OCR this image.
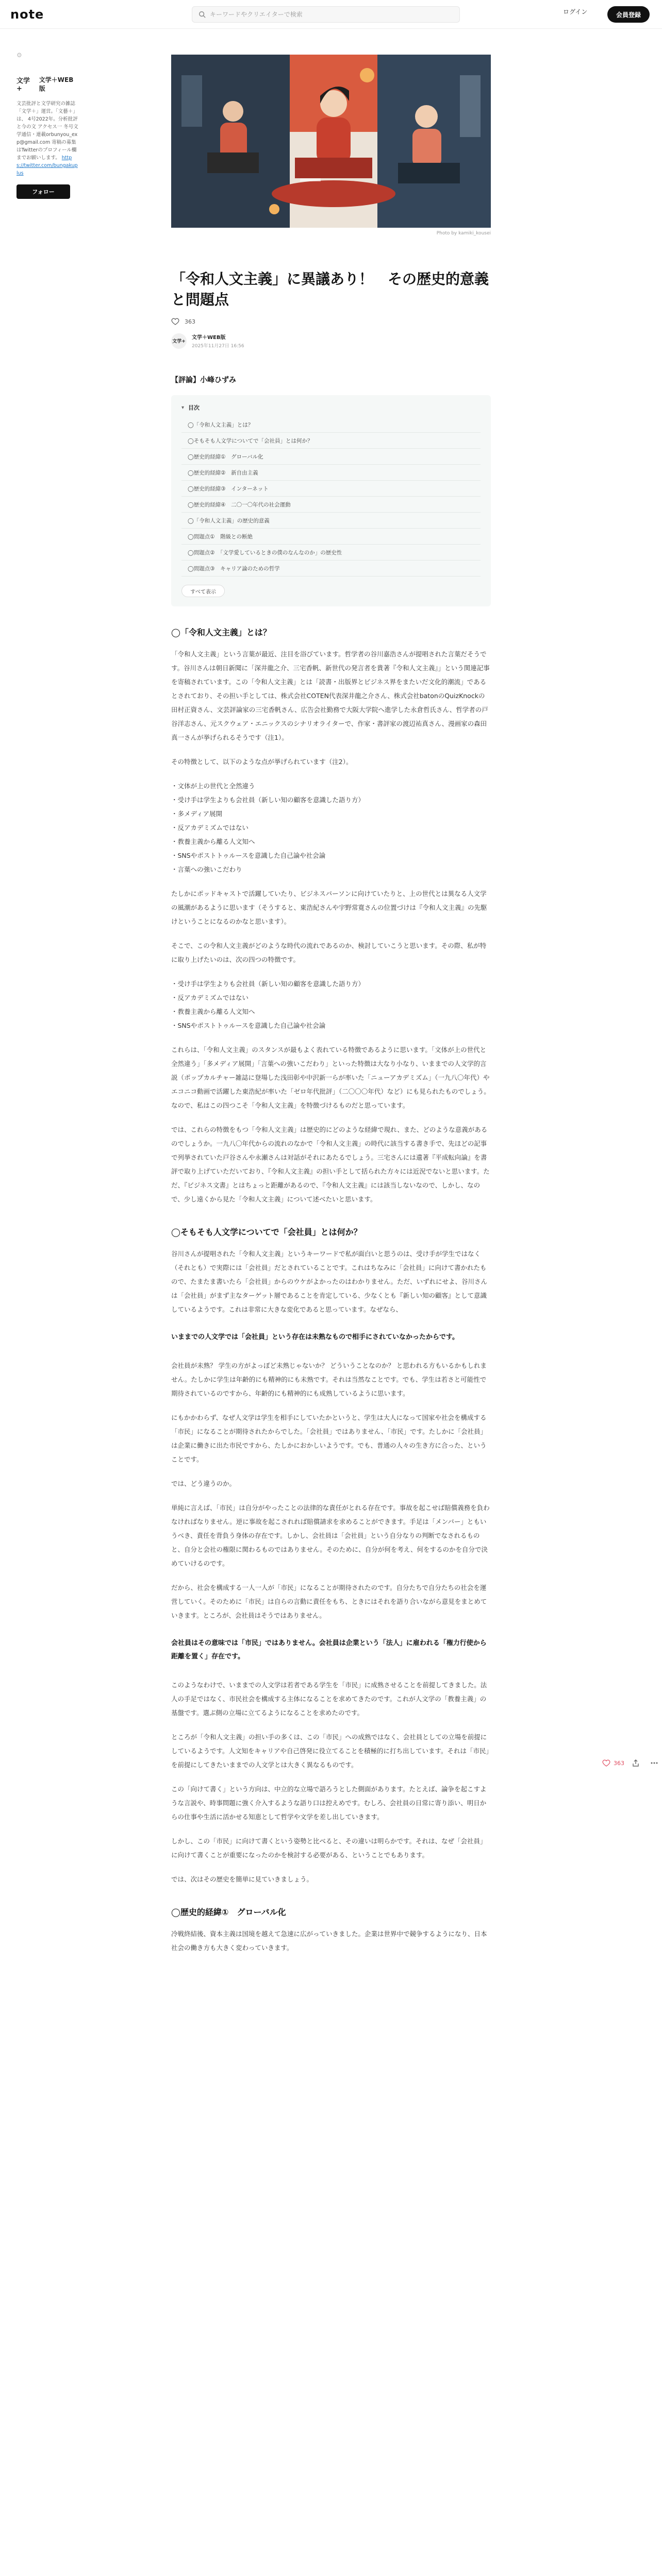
note
キーワードやクリエイターで検索	ログイン	会員登録
⚙
文学+
文学＋WEB版
文芸批評と文学研究の雑誌「文学＋」運営。「文藝＋」は、 4号2022年。分析批評と今の文 アクセス一 冬号文学通信・連載orbunyou_exp@gmail.com 寄稿の募集はTwitterのプロフィール欄までお願いします。 https://twitter.com/bungakuplus
フォロー
Photo by kamiki_kousei
「令和人文主義」に異議あり！　その歴史的意義と問題点
363
文学+
文学＋WEB版
2025年11月27日 16:56
【評論】小峰ひずみ
▾ 目次
◯「令和人文主義」とは？
◯そもそも人文学についてで「会社員」とは何か？
◯歴史的経緯①　グローバル化
◯歴史的経緯②　新自由主義
◯歴史的経緯③　インターネット
◯歴史的経緯④　二〇一〇年代の社会運動
◯「令和人文主義」の歴史的意義
◯問題点①　階級との断絶
◯問題点②　「文学愛しているときの僕のなんなのか」の歴史性
◯問題点③　キャリア論のための哲学
すべて表示
◯「令和人文主義」とは？

「令和人文主義」という言葉が最近、注目を浴びています。哲学者の谷川嘉浩さんが提唱された言葉だそうです。谷川さんは朝日新聞に「深井龍之介、三宅香帆、新世代の発言者を貴著『令和人文主義』」という関連記事を寄稿されています。この「令和人文主義」とは「読書・出版界とビジネス界をまたいだ文化的潮流」であるとされており、その担い手としては、株式会社COTEN代表深井龍之介さん、株式会社batonのQuizKnockの田村正資さん、文芸評論家の三宅香帆さん、広告会社勤務で大阪大学院へ進学した永倉哲氏さん、哲学者の戸谷洋志さん、元スクウェア・エニックスのシナリオライターで、作家・書評家の渡辺祐真さん、漫画家の森田真一さんが挙げられるそうです（注1）。

その特徴として、以下のような点が挙げられています（注2）。

・文体が上の世代と全然違う
・受け手は学生よりも会社員（新しい知の顧客を意識した語り方）
・多メディア展開
・反アカデミズムではない
・教養主義から離る人文知へ
・SNSやポストトゥルースを意識した自己論や社会論
・言葉への強いこだわり

たしかにポッドキャストで活躍していたり、ビジネスパーソンに向けていたりと、上の世代とは異なる人文学の風潮があるように思います（そうすると、東浩紀さんや宇野常寛さんの位置づけは『令和人文主義』の先駆けということになるのかなと思います）。

そこで、この令和人文主義がどのような時代の流れであるのか、検討していこうと思います。その際、私が特に取り上げたいのは、次の四つの特徴です。

・受け手は学生よりも会社員（新しい知の顧客を意識した語り方）
・反アカデミズムではない
・教養主義から離る人文知へ
・SNSやポストトゥルースを意識した自己論や社会論

これらは、「令和人文主義」のスタンスが最もよく表れている特徴であるように思います。「文体が上の世代と全然違う」「多メディア展開」「言葉への強いこだわり」といった特徴は大なり小なり、いままでの人文学的言説（ポップカルチャー雑誌に登場した浅田彰や中沢新一らが率いた「ニューアカデミズム」（一九八〇年代）やエコニコ動画で活躍した東浩紀が率いた「ゼロ年代批評」（二〇〇〇年代）など）にも見られたものでしょう。なので、私はこの四つこそ「令和人文主義」を特徴づけるものだと思っています。

では、これらの特徴をもつ「令和人文主義」は歴史的にどのような経緯で現れ、また、どのような意義があるのでしょうか。一九八〇年代からの流れのなかで「令和人文主義」の時代に該当する書き手で、先ほどの記事で列挙されていた戸谷さんや永瀬さんは対話がそれにあたるでしょう。三宅さんには遺著『平成転向論』を書評で取り上げていただいており、『令和人文主義』の担い手として括られた方々には近況でないと思います。ただ、『ビジネス文書』とはちょっと距離があるので、『令和人文主義』には該当しないなので、しかし、なので、少し遠くから見た「令和人文主義」について述べたいと思います。

◯そもそも人文学についてで「会社員」とは何か？

谷川さんが提唱された「令和人文主義」というキーワードで私が面白いと思うのは、受け手が学生ではなく（それとも）で実際には「会社員」だとされていることです。これはちなみに「会社員」に向けて書かれたもので、たまたま書いたら「会社員」からのウケがよかったのはわかりません。ただ、いずれにせよ、谷川さんは「会社員」がまず主なターゲット層であることを肯定している、少なくとも『新しい知の顧客』として意識しているようです。これは非常に大きな変化であると思っています。なぜなら、

いままでの人文学では「会社員」という存在は未熟なもので相手にされていなかったからです。

会社員が未熟？ 学生の方がよっぽど未熟じゃないか？ どういうことなのか？ と思われる方もいるかもしれません。たしかに学生は年齢的にも精神的にも未熟です。それは当然なことです。でも、学生は若さと可能性で期待されているのですから、年齢的にも精神的にも成熟しているように思います。

にもかかわらず、なぜ人文学は学生を相手にしていたかというと、学生は大人になって国家や社会を構成する「市民」になることが期待されたからでした。「会社員」ではありません、「市民」です。たしかに「会社員」は企業に働きに出た市民ですから、たしかにおかしいようです。でも、普通の人々の生き方に合った、ということです。

では、どう違うのか。

単純に言えば、「市民」は自分がやったことの法律的な責任がとれる存在です。事故を起こせば賠償義務を負わなければなりません。逆に事故を起こされれば賠償請求を求めることができます。手足は「メンバー」ともいうべき、責任を背負う身体の存在です。しかし、会社員は「会社員」という自分なりの判断でなされるものと、自分と会社の権限に関わるものではありません。そのために、自分が何を考え、何をするのかを自分で決めていけるのです。

だから、社会を構成する一人一人が「市民」になることが期待されたのです。自分たちで自分たちの社会を運営していく。そのために「市民」は自らの言動に責任をもち、ときにはそれを語り合いながら意見をまとめていきます。ところが、会社員はそうではありません。

会社員はその意味では「市民」ではありません。会社員は企業という「法人」に雇われる「権力行使から距離を置く」存在です。

このようなわけで、いままでの人文学は若者である学生を「市民」に成熟させることを前提してきました。法人の手足ではなく、市民社会を構成する主体になることを求めてきたのです。これが人文学の「教養主義」の基盤です。選ぶ側の立場に立てるようになることを求めたのです。

ところが「令和人文主義」の担い手の多くは、この「市民」への成熟ではなく、会社員としての立場を前提にしているようです。人文知をキャリアや自己啓発に役立てることを積極的に打ち出しています。それは「市民」を前提にしてきたいままでの人文学とは大きく異なるものです。

この「向けて書く」という方向は、中立的な立場で語ろうとした側面があります。たとえば、論争を起こすような言説や、時事問題に強く介入するような語り口は控えめです。むしろ、会社員の日常に寄り添い、明日からの仕事や生活に活かせる知恵として哲学や文学を差し出していきます。

しかし、この「市民」に向けて書くという姿勢と比べると、その違いは明らかです。それは、なぜ「会社員」に向けて書くことが重要になったのかを検討する必要がある、ということでもあります。

では、次はその歴史を簡単に見ていきましょう。

◯歴史的経緯①　グローバル化

冷戦終結後、資本主義は国境を越えて急速に広がっていきました。企業は世界中で競争するようになり、日本社会の働き方も大きく変わっていきます。

363
